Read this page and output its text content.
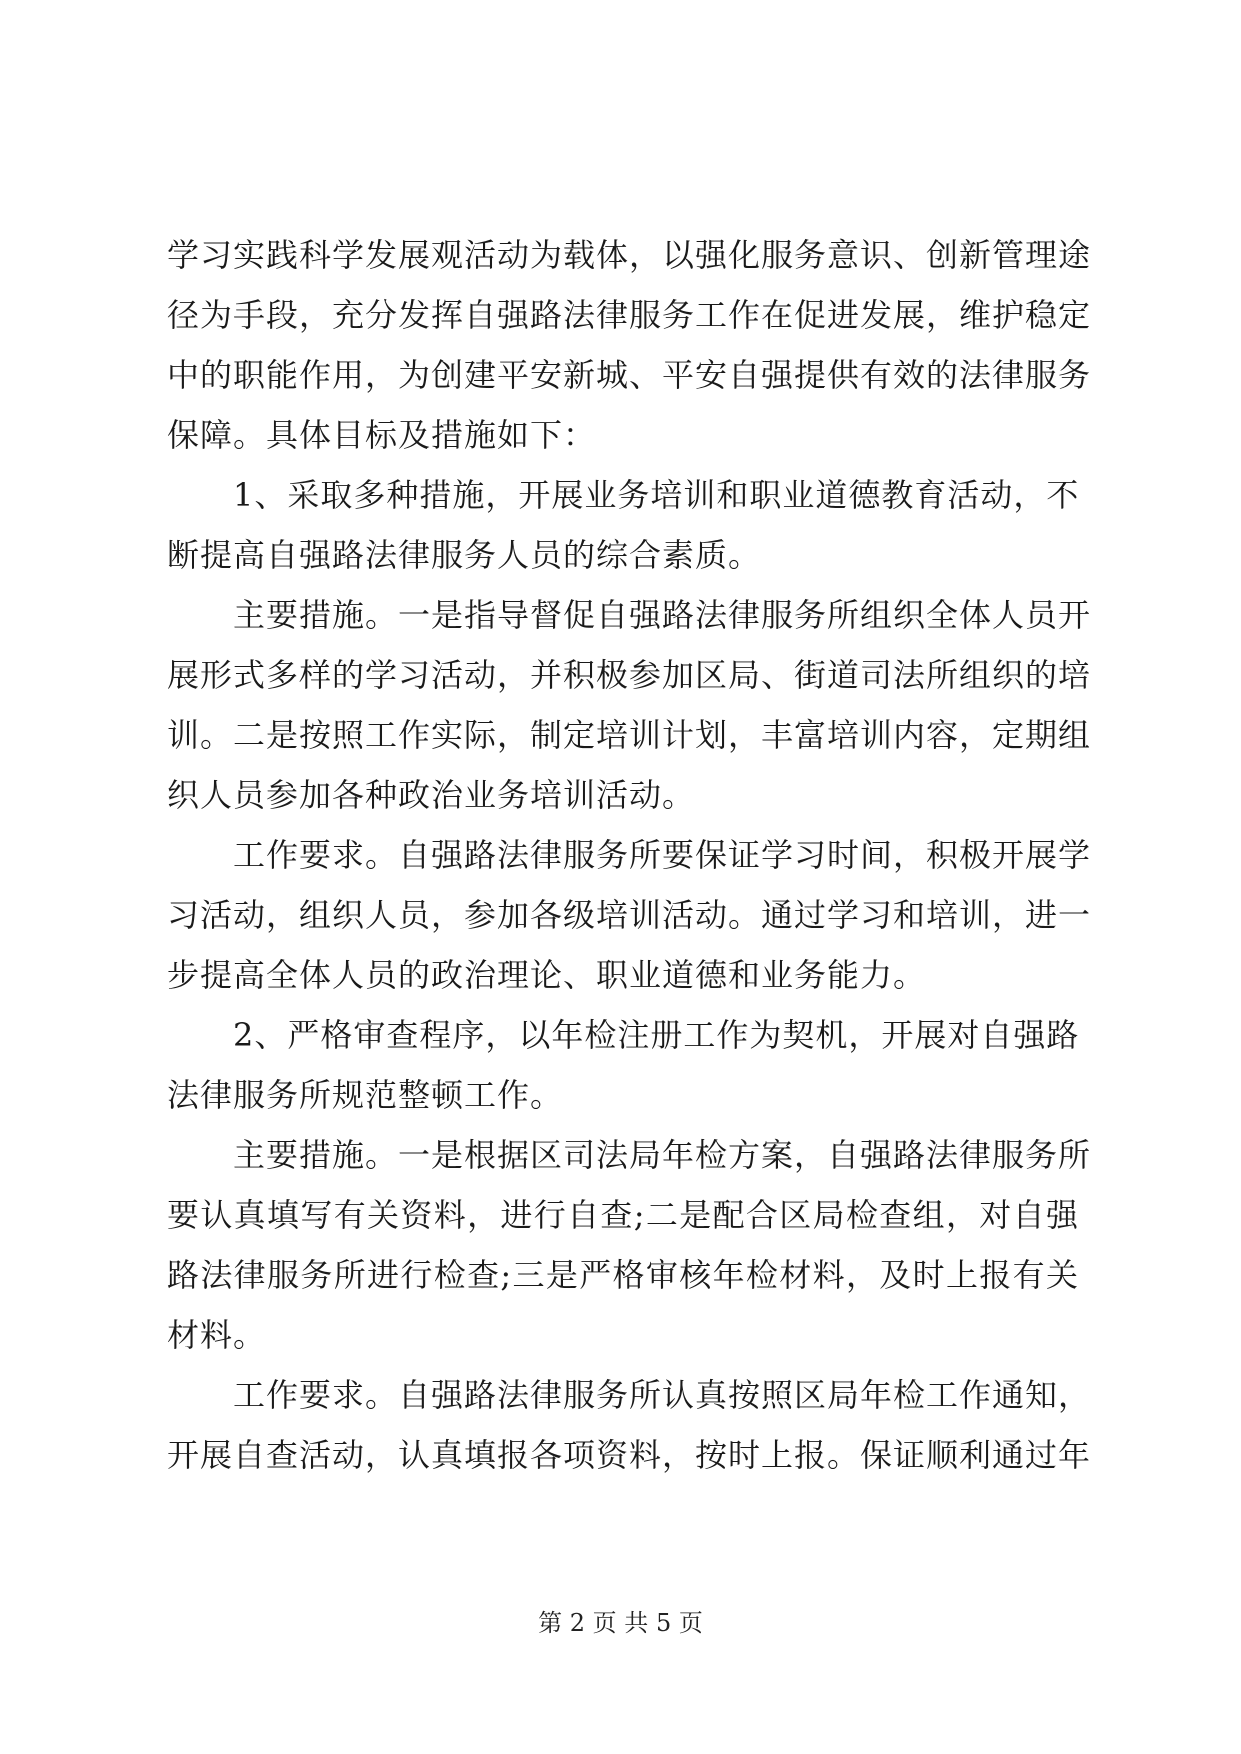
学习实践科学发展观活动为载体，以强化服务意识、创新管理途
径为手段，充分发挥自强路法律服务工作在促进发展，维护稳定
中的职能作用，为创建平安新城、平安自强提供有效的法律服务
保障。具体目标及措施如下：
1、采取多种措施，开展业务培训和职业道德教育活动，不
断提高自强路法律服务人员的综合素质。
主要措施。一是指导督促自强路法律服务所组织全体人员开
展形式多样的学习活动，并积极参加区局、街道司法所组织的培
训。二是按照工作实际，制定培训计划，丰富培训内容，定期组
织人员参加各种政治业务培训活动。
工作要求。自强路法律服务所要保证学习时间，积极开展学
习活动，组织人员，参加各级培训活动。通过学习和培训，进一
步提高全体人员的政治理论、职业道德和业务能力。
2、严格审查程序，以年检注册工作为契机，开展对自强路
法律服务所规范整顿工作。
主要措施。一是根据区司法局年检方案，自强路法律服务所
要认真填写有关资料，进行自查;二是配合区局检查组，对自强
路法律服务所进行检查;三是严格审核年检材料，及时上报有关
材料。
工作要求。自强路法律服务所认真按照区局年检工作通知，
开展自查活动，认真填报各项资料，按时上报。保证顺利通过年
第 2 页 共 5 页
